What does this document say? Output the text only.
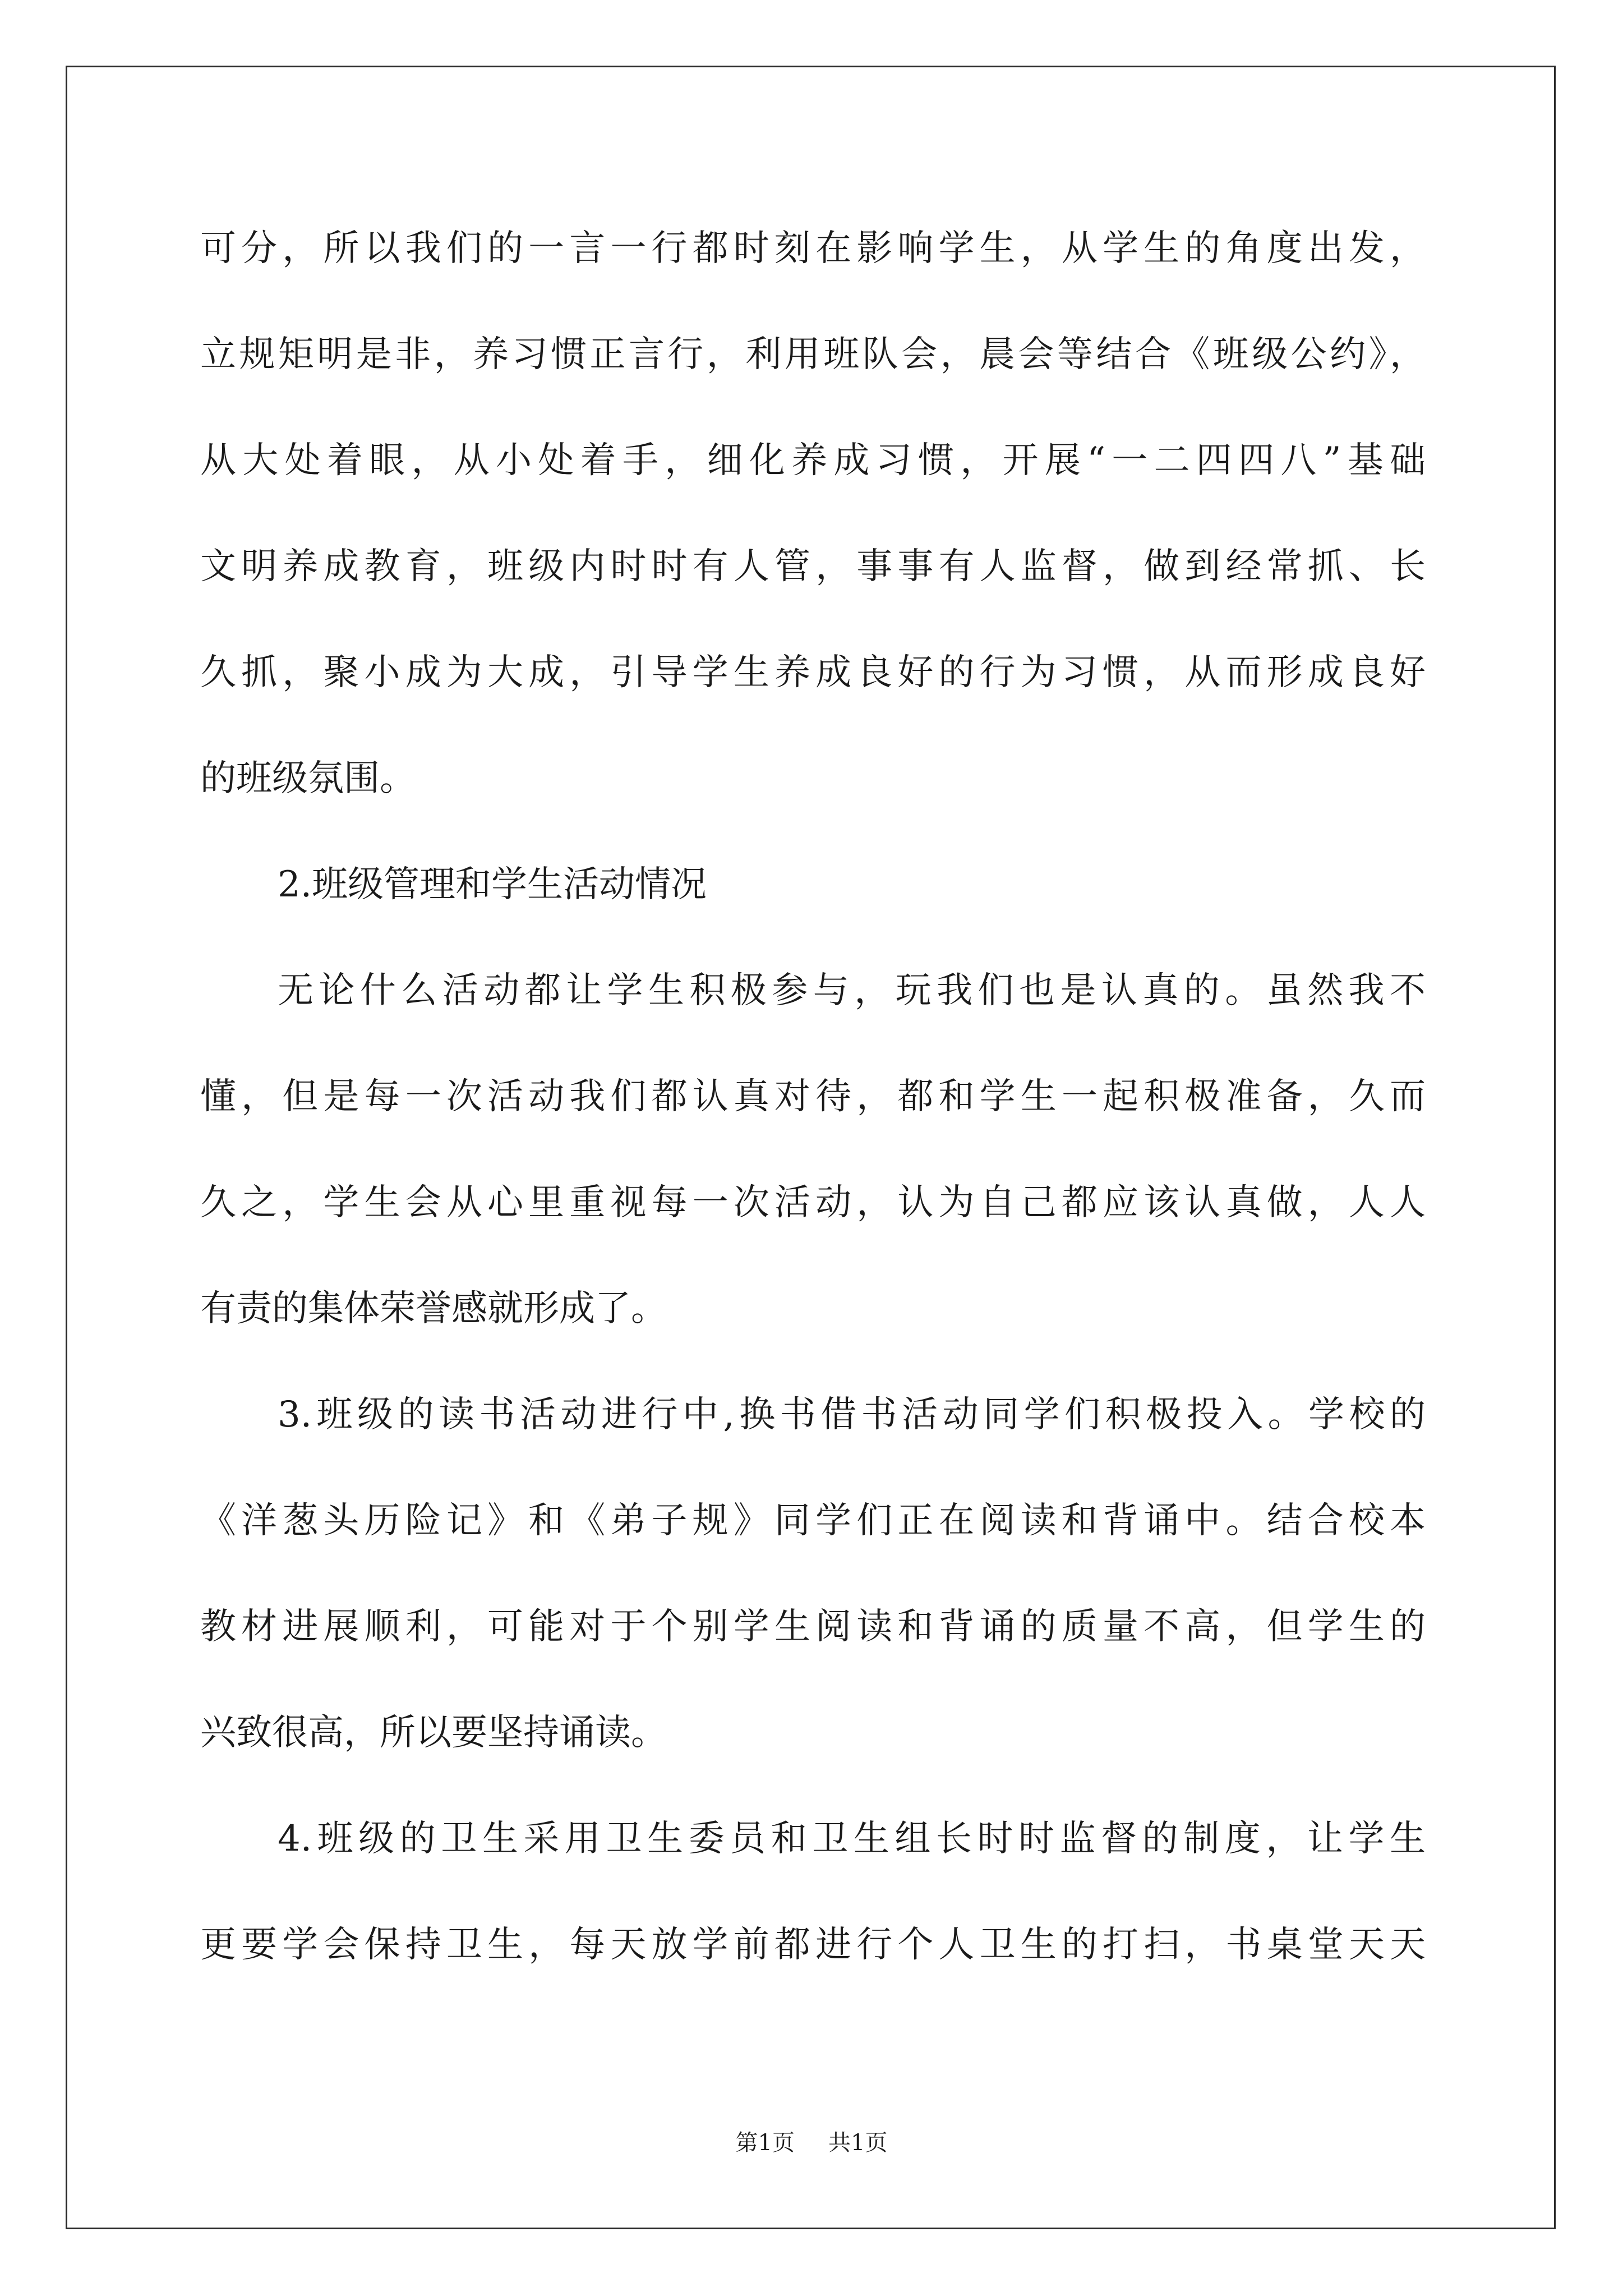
可分，所以我们的一言一行都时刻在影响学生，从学生的角度出发，
立规矩明是非，养习惯正言行，利用班队会，晨会等结合《班级公约》，
从大处着眼，从小处着手，细化养成习惯，开展“一二四四八”基础
文明养成教育，班级内时时有人管，事事有人监督，做到经常抓、长
久抓，聚小成为大成，引导学生养成良好的行为习惯，从而形成良好
的班级氛围。
2.班级管理和学生活动情况
无论什么活动都让学生积极参与，玩我们也是认真的。虽然我不
懂，但是每一次活动我们都认真对待，都和学生一起积极准备，久而
久之，学生会从心里重视每一次活动，认为自己都应该认真做，人人
有责的集体荣誉感就形成了。
3.班级的读书活动进行中,换书借书活动同学们积极投入。学校的
《洋葱头历险记》和《弟子规》同学们正在阅读和背诵中。结合校本
教材进展顺利，可能对于个别学生阅读和背诵的质量不高，但学生的
兴致很高，所以要坚持诵读。
4.班级的卫生采用卫生委员和卫生组长时时监督的制度，让学生
更要学会保持卫生，每天放学前都进行个人卫生的打扫，书桌堂天天
第1页 共1页
